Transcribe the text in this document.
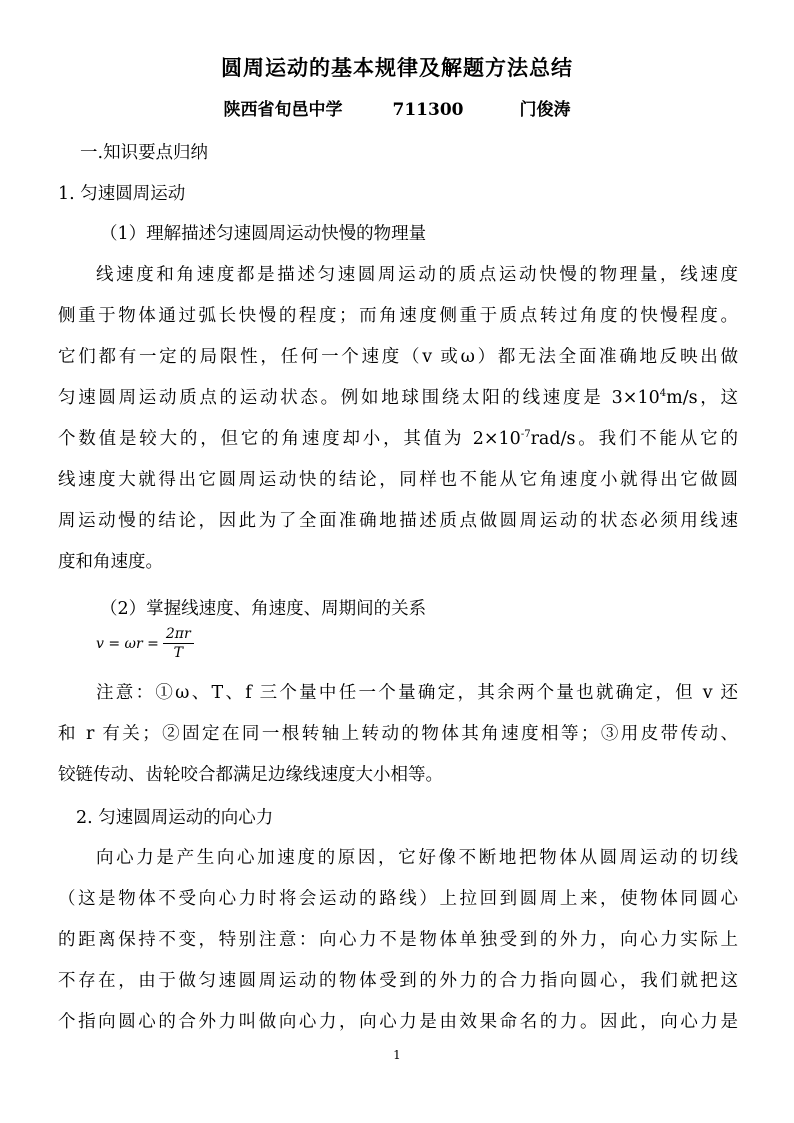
圆周运动的基本规律及解题方法总结
陕西省旬邑中学	711300	门俊涛
一.知识要点归纳
1. 匀速圆周运动
（1）理解描述匀速圆周运动快慢的物理量
线速度和角速度都是描述匀速圆周运动的质点运动快慢的物理量，线速度
侧重于物体通过弧长快慢的程度；而角速度侧重于质点转过角度的快慢程度。
它们都有一定的局限性，任何一个速度（v 或ω）都无法全面准确地反映出做
匀速圆周运动质点的运动状态。例如地球围绕太阳的线速度是 $3\times 10^4m/s$，这
个数值是较大的，但它的角速度却小，其值为 $2\times 10^{-7}rad/s$。我们不能从它的
线速度大就得出它圆周运动快的结论，同样也不能从它角速度小就得出它做圆
周运动慢的结论，因此为了全面准确地描述质点做圆周运动的状态必须用线速
度和角速度。
（2）掌握线速度、角速度、周期间的关系
$v = \omega r = \frac{2\pi r}{T}$
注意：①ω、T、f 三个量中任一个量确定，其余两个量也就确定，但 v 还
和 r 有关；②固定在同一根转轴上转动的物体其角速度相等；③用皮带传动、
铰链传动、齿轮咬合都满足边缘线速度大小相等。
2. 匀速圆周运动的向心力
向心力是产生向心加速度的原因，它好像不断地把物体从圆周运动的切线
（这是物体不受向心力时将会运动的路线）上拉回到圆周上来，使物体同圆心
的距离保持不变，特别注意：向心力不是物体单独受到的外力，向心力实际上
不存在，由于做匀速圆周运动的物体受到的外力的合力指向圆心，我们就把这
个指向圆心的合外力叫做向心力，向心力是由效果命名的力。因此，向心力是
1
